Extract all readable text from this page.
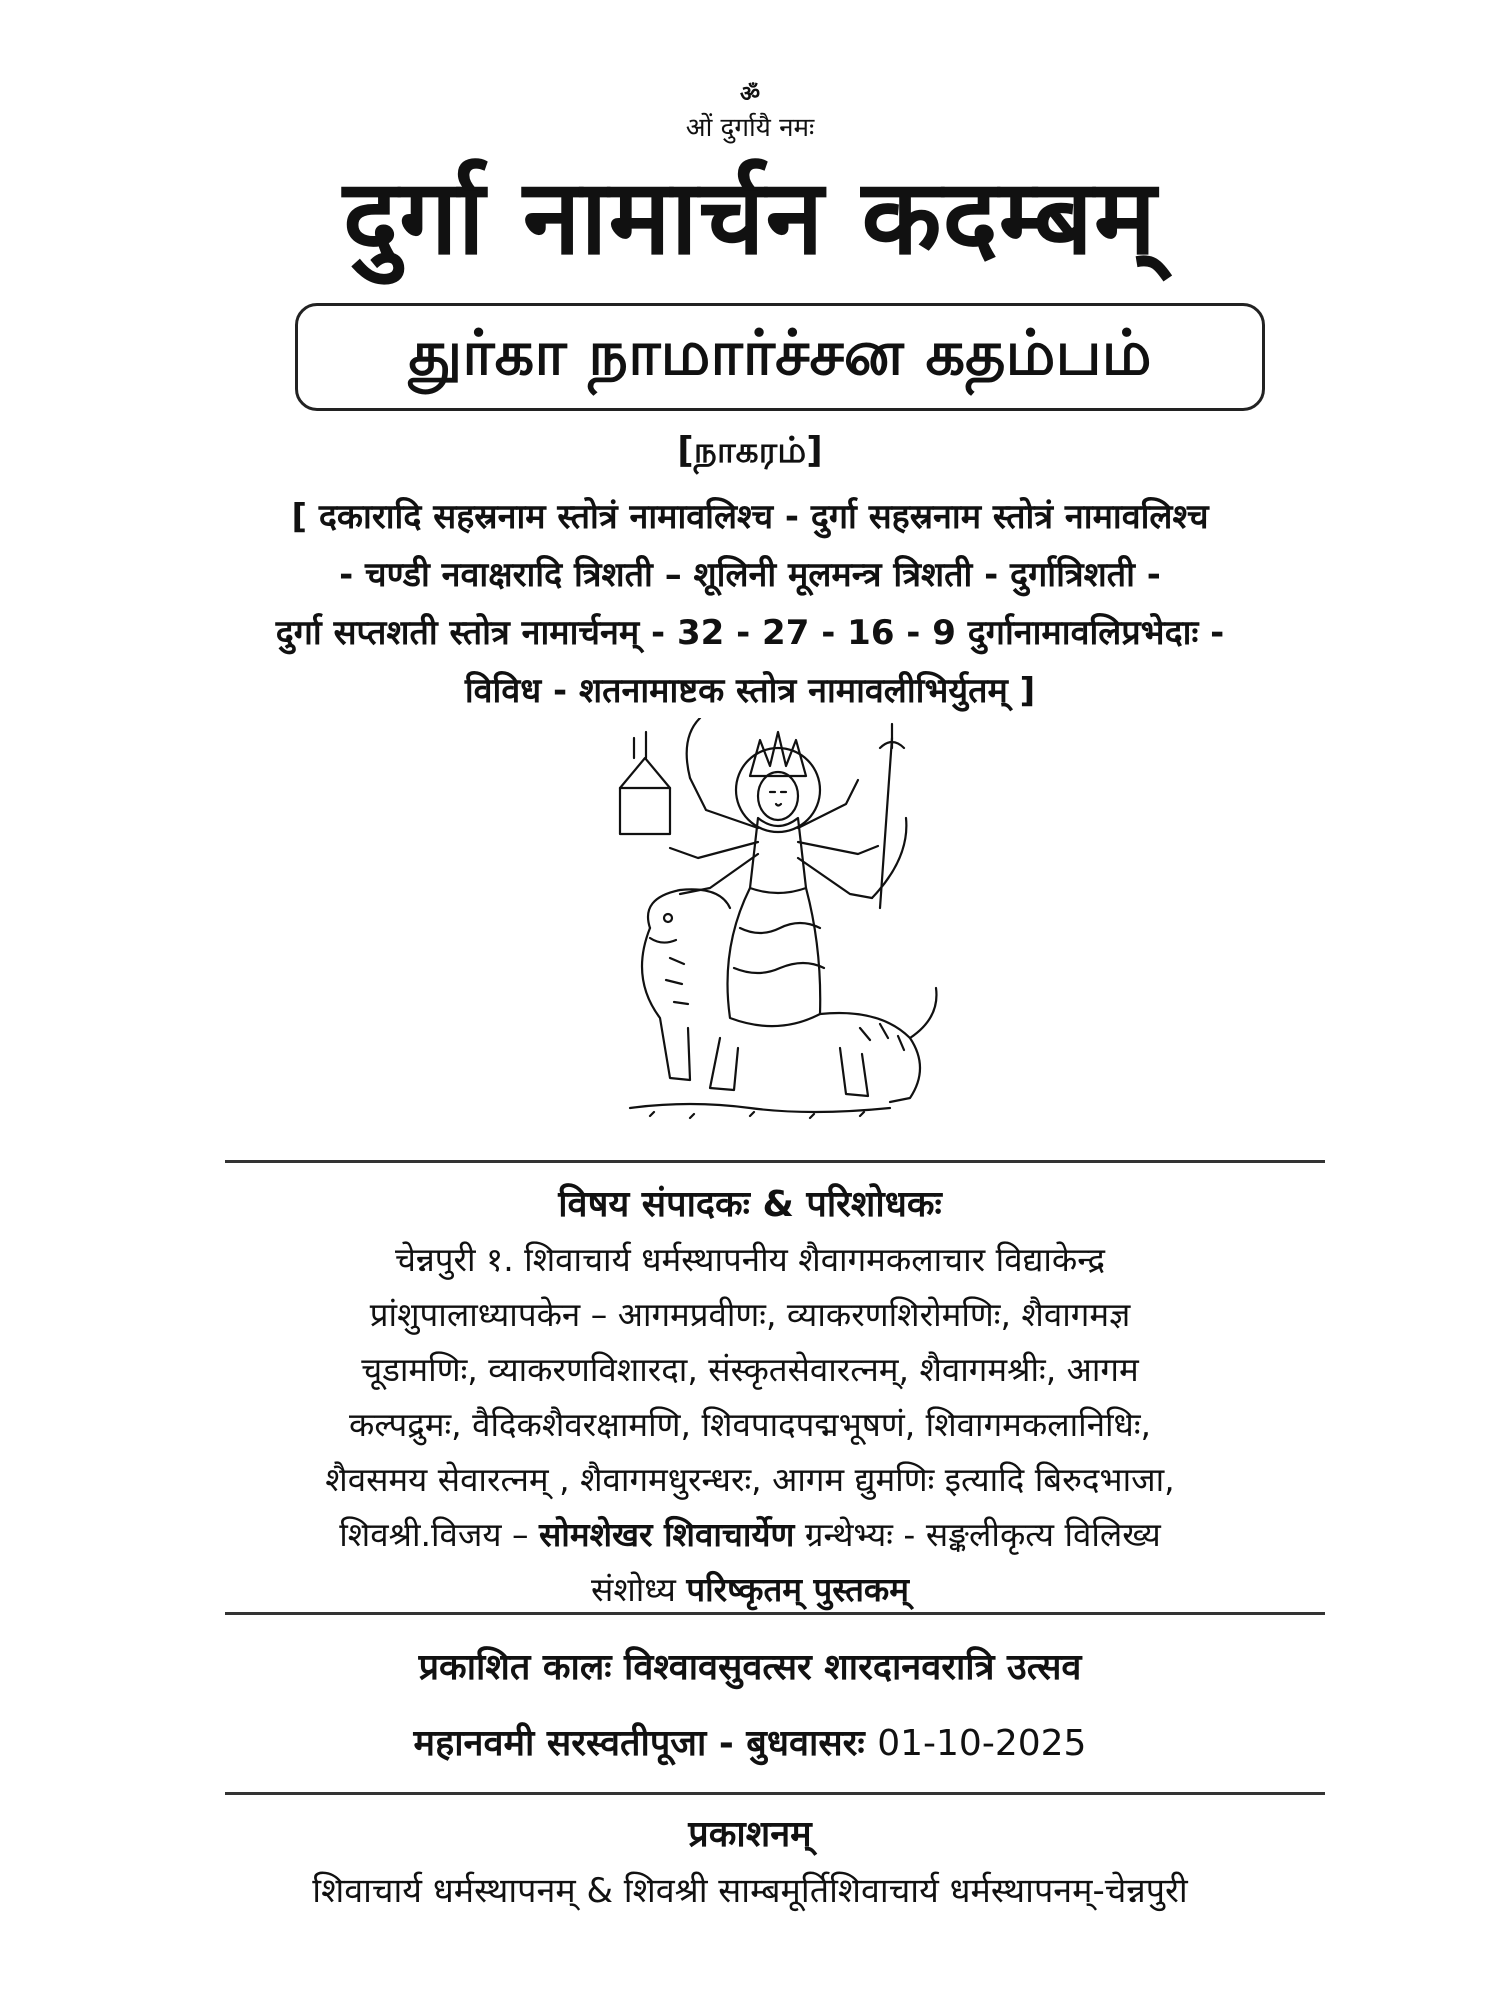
ॐ
ओं दुर्गायै नमः
दुर्गा नामार्चन कदम्बम्
துர்கா நாமார்ச்சன கதம்பம்
[நாகரம்]
[ दकारादि सहस्रनाम स्तोत्रं नामावलिश्च - दुर्गा सहस्रनाम स्तोत्रं नामावलिश्च
- चण्डी नवाक्षरादि त्रिशती – शूलिनी मूलमन्त्र त्रिशती - दुर्गात्रिशती -
दुर्गा सप्तशती स्तोत्र नामार्चनम् - 32 - 27 - 16 - 9 दुर्गानामावलिप्रभेदाः -
विविध - शतनामाष्टक स्तोत्र नामावलीभिर्युतम् ]
विषय संपादकः & परिशोधकः
चेन्नपुरी १. शिवाचार्य धर्मस्थापनीय शैवागमकलाचार विद्याकेन्द्र
प्रांशुपालाध्यापकेन – आगमप्रवीणः, व्याकरणशिरोमणिः, शैवागमज्ञ
चूडामणिः, व्याकरणविशारदा, संस्कृतसेवारत्नम्, शैवागमश्रीः, आगम
कल्पद्रुमः, वैदिकशैवरक्षामणि, शिवपादपद्मभूषणं, शिवागमकलानिधिः,
शैवसमय सेवारत्नम् , शैवागमधुरन्धरः, आगम द्युमणिः इत्यादि बिरुदभाजा,
शिवश्री.विजय – सोमशेखर शिवाचार्येण ग्रन्थेभ्यः - सङ्कलीकृत्य विलिख्य
संशोध्य परिष्कृतम् पुस्तकम्
प्रकाशित कालः विश्वावसुवत्सर शारदानवरात्रि उत्सव
महानवमी सरस्वतीपूजा - बुधवासरः 01-10-2025
प्रकाशनम्
शिवाचार्य धर्मस्थापनम् & शिवश्री साम्बमूर्तिशिवाचार्य धर्मस्थापनम्-चेन्नपुरी
